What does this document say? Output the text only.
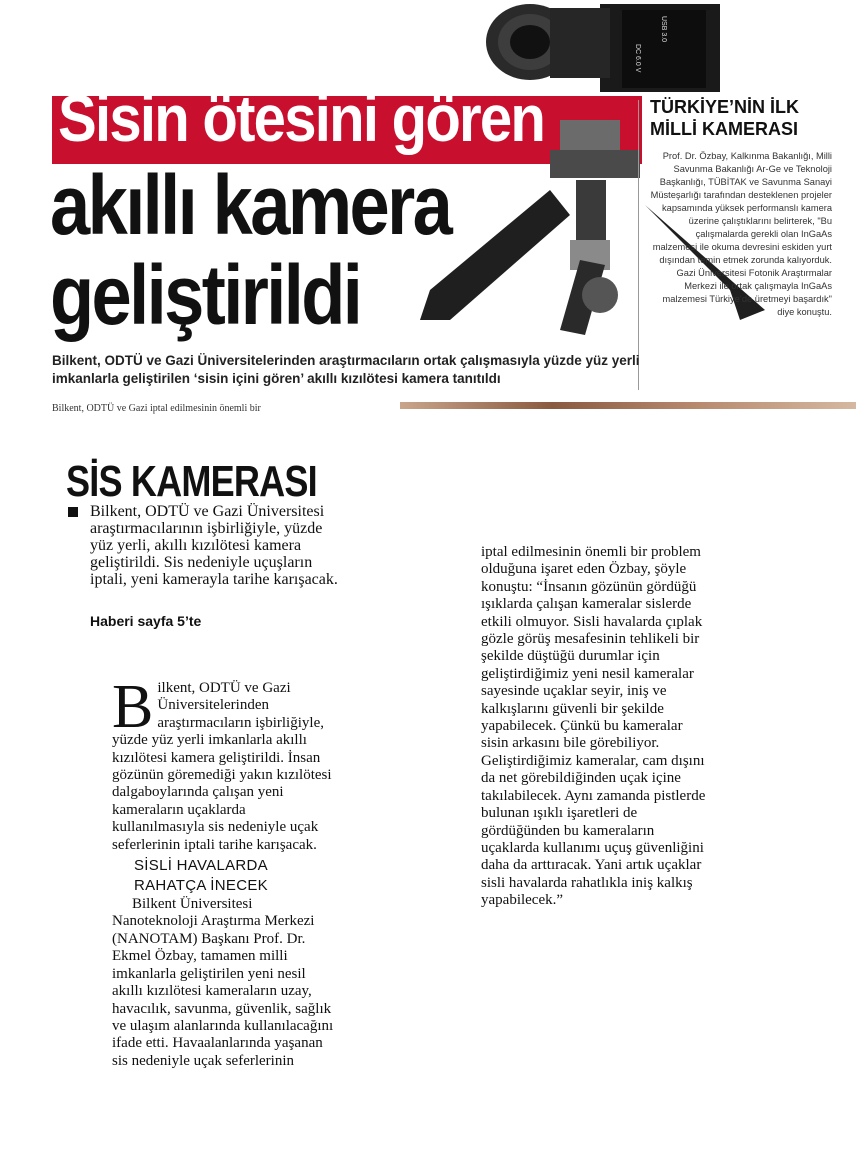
Sisin ötesini gören
USB 3.0
DC 6.0 V
akıllı kamera
geliştirildi
TÜRKİYE’NİN İLK MİLLİ KAMERASI
Prof. Dr. Özbay, Kalkınma Bakanlığı, Milli Savunma Bakanlığı Ar-Ge ve Teknoloji Başkanlığı, TÜBİTAK ve Savunma Sanayi Müsteşarlığı tarafından desteklenen projeler kapsamında yüksek performanslı kamera üzerine çalıştıklarını belirterek, "Bu çalışmalarda gerekli olan InGaAs malzemesi ile okuma devresini eskiden yurt dışından temin etmek zorunda kalıyorduk. Gazi Üniversitesi Fotonik Araştırmalar Merkezi ile ortak çalışmayla InGaAs malzemesi Türkiye’de üretmeyi başardık" diye konuştu.
Bilkent, ODTÜ ve Gazi Üniversitelerinden araştırmacıların ortak çalışmasıyla yüzde yüz yerli imkanlarla geliştirilen ‘sisin içini gören’ akıllı kızılötesi kamera tanıtıldı
Bilkent, ODTÜ ve Gazi iptal edilmesinin önemli bir
SİS KAMERASI
Bilkent, ODTÜ ve Gazi Üniversitesi araştırmacılarının işbirliğiyle, yüzde yüz yerli, akıllı kızılötesi kamera geliştirildi. Sis nedeniyle uçuşların iptali, yeni kamerayla tarihe karışacak.
Haberi sayfa 5’te

B ilkent, ODTÜ ve Gazi Üniversitelerinden araştırmacıların işbirliğiyle, yüzde yüz yerli imkanlarla akıllı kızılötesi kamera geliştirildi. İnsan gözünün göremediği yakın kızılötesi dalgaboylarında çalışan yeni kameraların uçaklarda kullanılmasıyla sis nedeniyle uçak seferlerinin iptali tarihe karışacak.

SİSLİ HAVALARDA RAHATÇA İNECEK

Bilkent Üniversitesi Nanoteknoloji Araştırma Merkezi (NANOTAM) Başkanı Prof. Dr. Ekmel Özbay, tamamen milli imkanlarla geliştirilen yeni nesil akıllı kızılötesi kameraların uzay, havacılık, savunma, güvenlik, sağlık ve ulaşım alanlarında kullanılacağını ifade etti. Havaalanlarında yaşanan sis nedeniyle uçak seferlerinin

iptal edilmesinin önemli bir problem olduğuna işaret eden Özbay, şöyle konuştu: “İnsanın gözünün gördüğü ışıklarda çalışan kameralar sislerde etkili olmuyor. Sisli havalarda çıplak gözle görüş mesafesinin tehlikeli bir şekilde düştüğü durumlar için geliştirdiğimiz yeni nesil kameralar sayesinde uçaklar seyir, iniş ve kalkışlarını güvenli bir şekilde yapabilecek. Çünkü bu kameralar sisin arkasını bile görebiliyor. Geliştirdiğimiz kameralar, cam dışını da net görebildiğinden uçak içine takılabilecek. Aynı zamanda pistlerde bulunan ışıklı işaretleri de gördüğünden bu kameraların uçaklarda kullanımı uçuş güvenliğini daha da arttıracak. Yani artık uçaklar sisli havalarda rahatlıkla iniş kalkış yapabilecek.”
